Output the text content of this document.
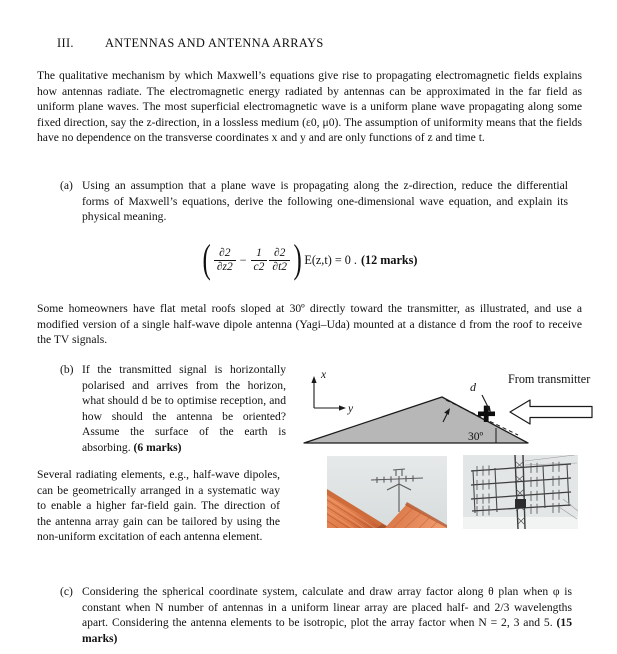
III.	ANTENNAS AND ANTENNA ARRAYS
The qualitative mechanism by which Maxwell’s equations give rise to propagating electromagnetic fields explains how antennas radiate. The electromagnetic energy radiated by antennas can be approximated in the far field as uniform plane waves. The most superficial electromagnetic wave is a uniform plane wave propagating along some fixed direction, say the z-direction, in a lossless medium (ε0, μ0). The assumption of uniformity means that the fields have no dependence on the transverse coordinates x and y and are only functions of z and time t.
(a) Using an assumption that a plane wave is propagating along the z-direction, reduce the differential forms of Maxwell’s equations, derive the following one-dimensional wave equation, and explain its physical meaning.
( $\frac{\partial 2}{\partial z2} - \frac{1}{c2} \frac{\partial 2}{\partial t2}$ ) E(z,t) = 0 . (12 marks)
Some homeowners have flat metal roofs sloped at 30º directly toward the transmitter, as illustrated, and use a modified version of a single half-wave dipole antenna (Yagi–Uda) mounted at a distance d from the roof to receive the TV signals.
(b) If the transmitted signal is horizontally polarised and arrives from the horizon, what should d be to optimise reception, and how should the antenna be oriented? Assume the surface of the earth is absorbing. (6 marks)
x
y
d
30º
From transmitter
Several radiating elements, e.g., half-wave dipoles, can be geometrically arranged in a systematic way to enable a higher far-field gain. The direction of the antenna array gain can be tailored by using the non-uniform excitation of each antenna element.
(c) Considering the spherical coordinate system, calculate and draw array factor along θ plan when φ is constant when N number of antennas in a uniform linear array are placed half- and 2/3 wavelengths apart. Considering the antenna elements to be isotropic, plot the array factor when N = 2, 3 and 5. (15 marks)
